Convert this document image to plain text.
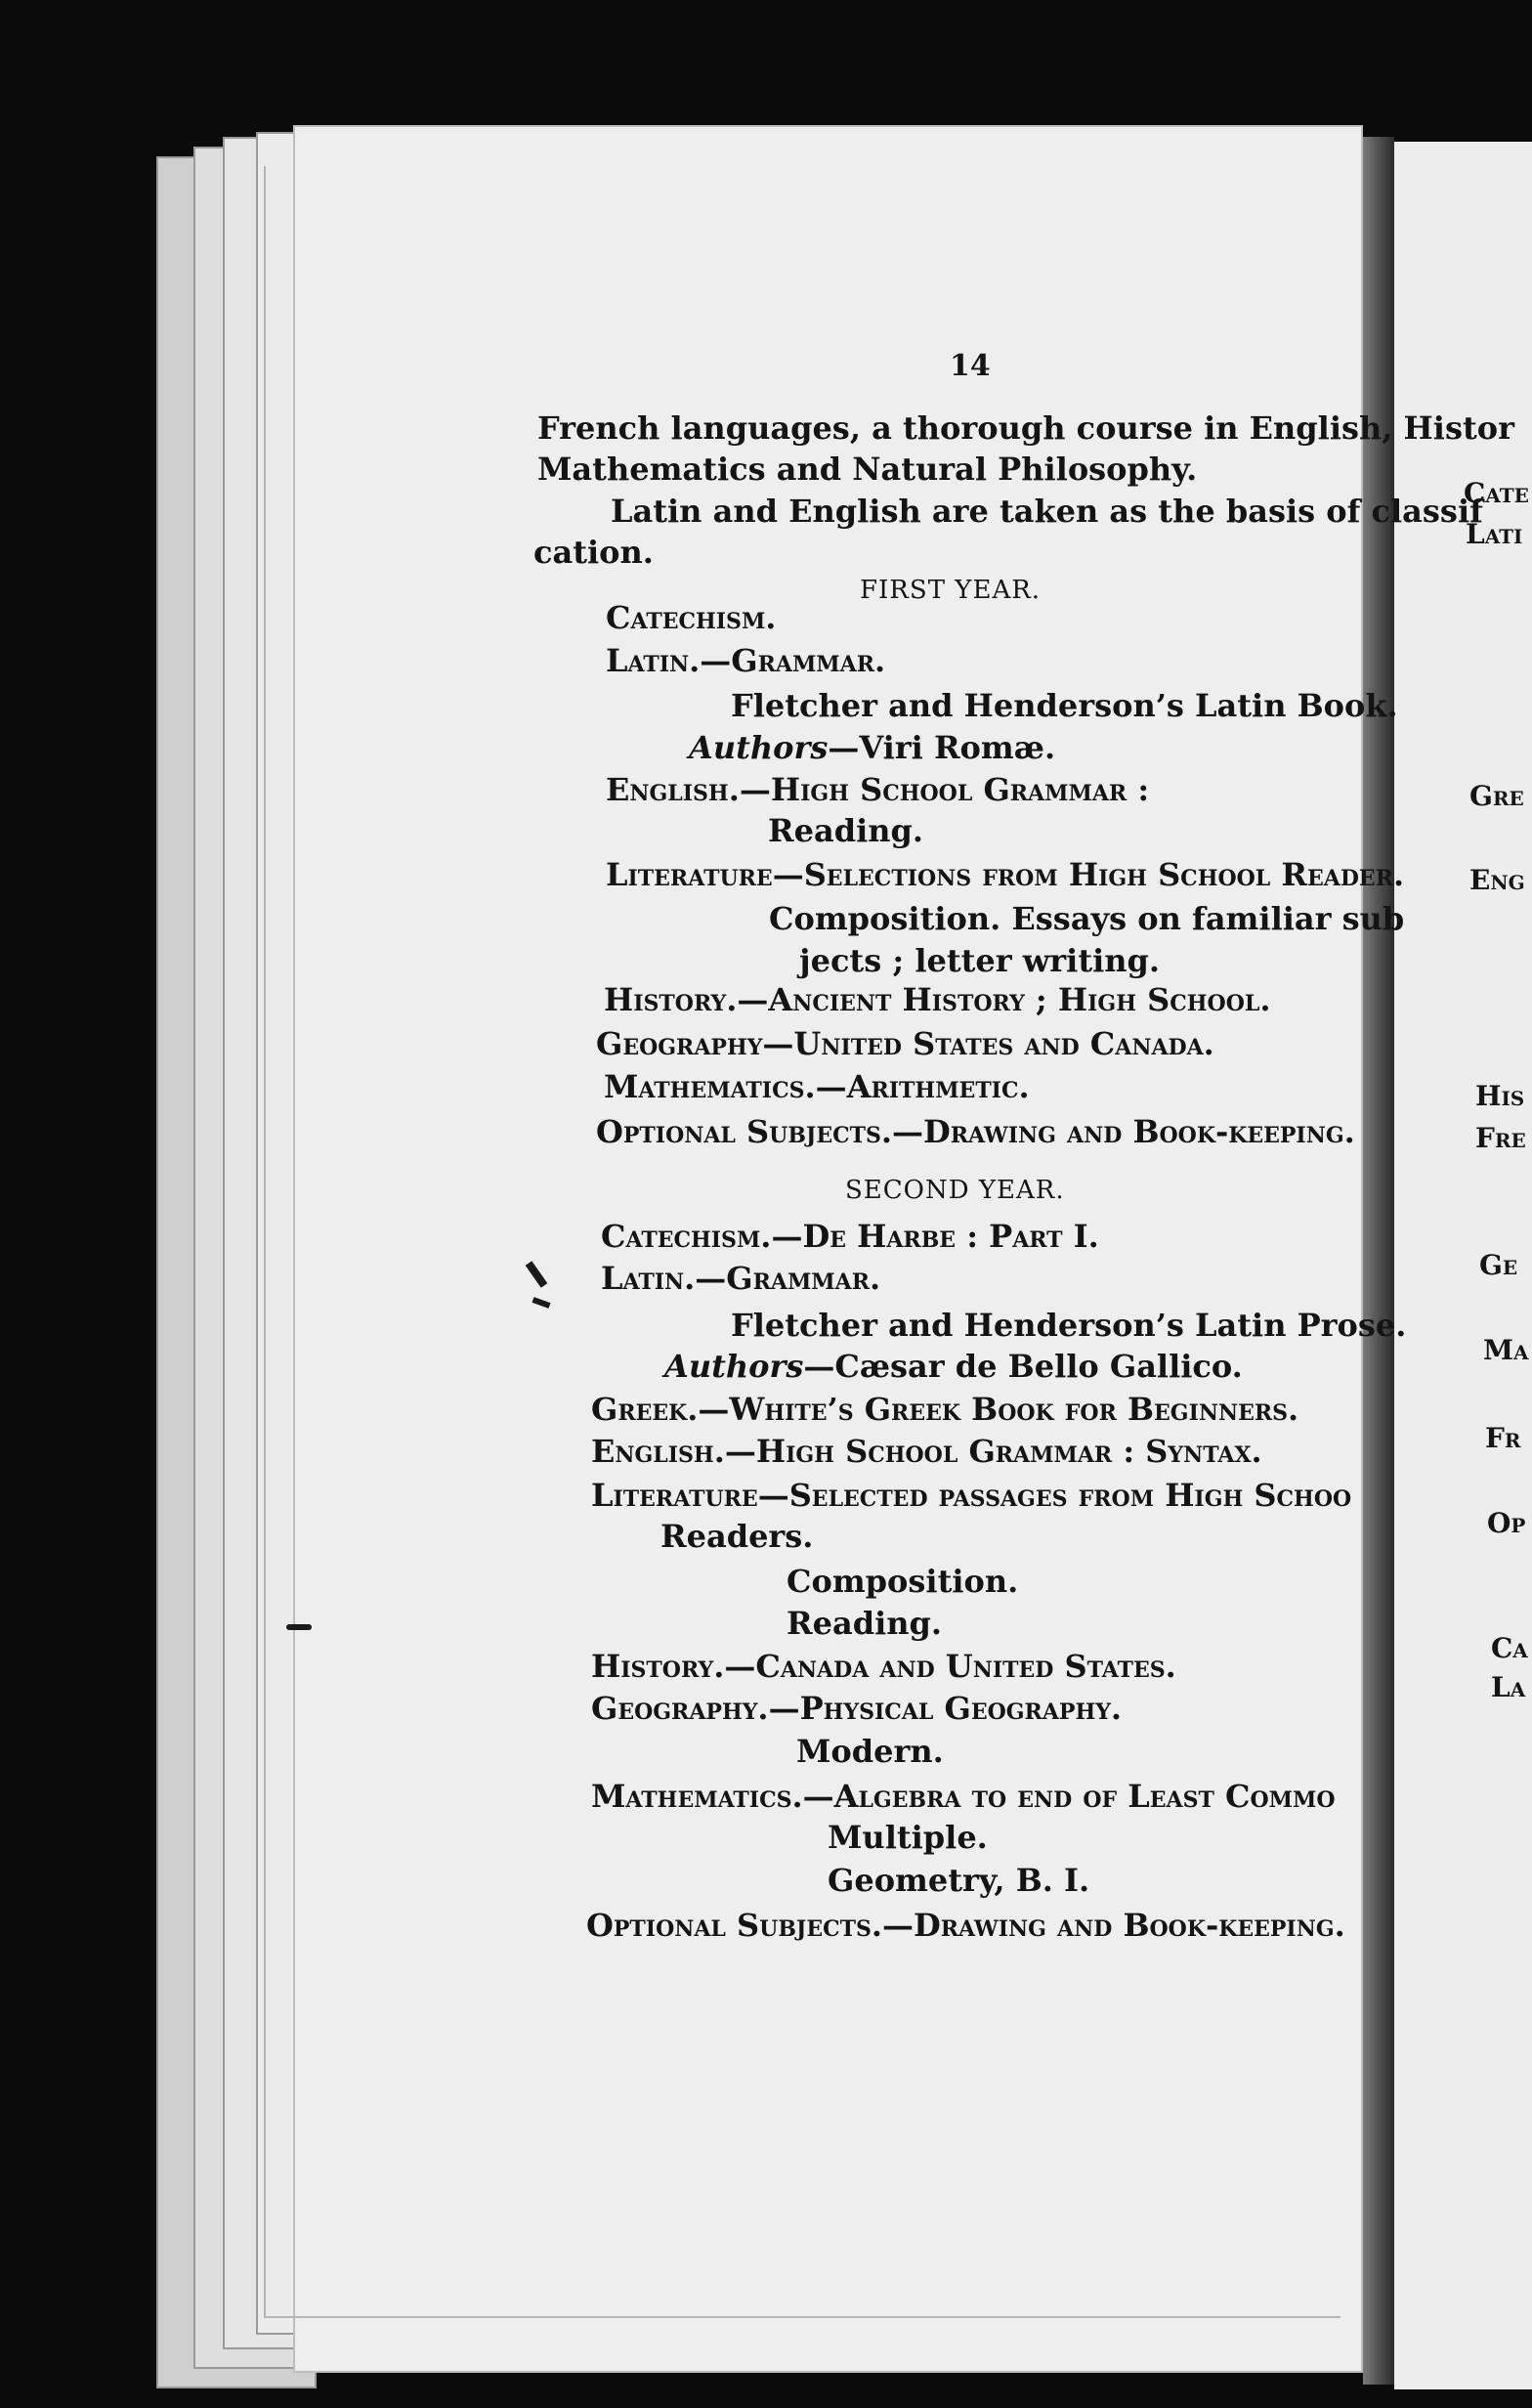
14
French languages, a thorough course in English, Histor
Mathematics and Natural Philosophy.
Latin and English are taken as the basis of classif
cation.
FIRST YEAR.
Catechism.
Latin.—Grammar.
Fletcher and Henderson’s Latin Book.
Authors—Viri Romæ.
English.—High School Grammar :
Reading.
Literature—Selections from High School Reader.
Composition. Essays on familiar sub
jects ; letter writing.
History.—Ancient History ; High School.
Geography—United States and Canada.
Mathematics.—Arithmetic.
Optional Subjects.—Drawing and Book-keeping.
SECOND YEAR.
Catechism.—De Harbe : Part I.
Latin.—Grammar.
Fletcher and Henderson’s Latin Prose.
Authors—Cæsar de Bello Gallico.
Greek.—White’s Greek Book for Beginners.
English.—High School Grammar : Syntax.
Literature—Selected passages from High Schoo
Readers.
Composition.
Reading.
History.—Canada and United States.
Geography.—Physical Geography.
Modern.
Mathematics.—Algebra to end of Least Commo
Multiple.
Geometry, B. I.
Optional Subjects.—Drawing and Book-keeping.
Cate
Lati
Gre
Eng
His
Fre
Ge
Ma
Fr
Op
Ca
La
